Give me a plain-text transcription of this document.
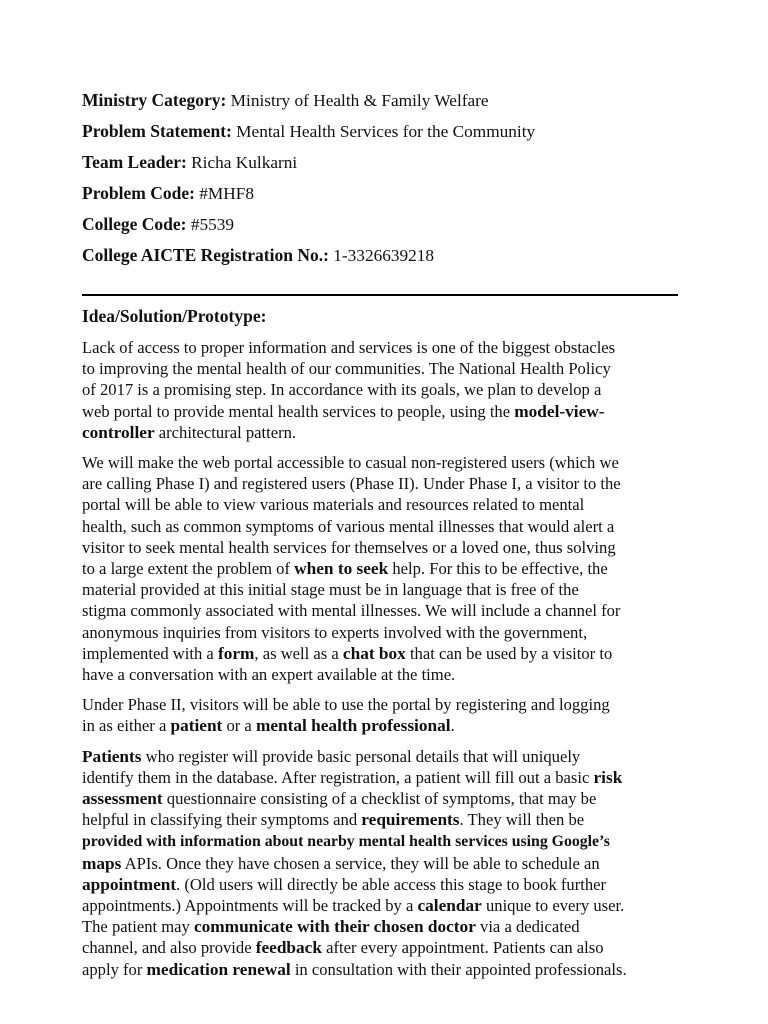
Ministry Category: Ministry of Health & Family Welfare
Problem Statement: Mental Health Services for the Community
Team Leader: Richa Kulkarni
Problem Code: #MHF8
College Code: #5539
College AICTE Registration No.: 1-3326639218
Idea/Solution/Prototype:
Lack of access to proper information and services is one of the biggest obstacles
to improving the mental health of our communities. The National Health Policy
of 2017 is a promising step. In accordance with its goals, we plan to develop a
web portal to provide mental health services to people, using the model-view-
controller architectural pattern.
We will make the web portal accessible to casual non-registered users (which we
are calling Phase I) and registered users (Phase II). Under Phase I, a visitor to the
portal will be able to view various materials and resources related to mental
health, such as common symptoms of various mental illnesses that would alert a
visitor to seek mental health services for themselves or a loved one, thus solving
to a large extent the problem of when to seek help. For this to be effective, the
material provided at this initial stage must be in language that is free of the
stigma commonly associated with mental illnesses. We will include a channel for
anonymous inquiries from visitors to experts involved with the government,
implemented with a form, as well as a chat box that can be used by a visitor to
have a conversation with an expert available at the time.
Under Phase II, visitors will be able to use the portal by registering and logging
in as either a patient or a mental health professional.
Patients who register will provide basic personal details that will uniquely
identify them in the database. After registration, a patient will fill out a basic risk
assessment questionnaire consisting of a checklist of symptoms, that may be
helpful in classifying their symptoms and requirements. They will then be
provided with information about nearby mental health services using Google’s
maps APIs. Once they have chosen a service, they will be able to schedule an
appointment. (Old users will directly be able access this stage to book further
appointments.) Appointments will be tracked by a calendar unique to every user.
The patient may communicate with their chosen doctor via a dedicated
channel, and also provide feedback after every appointment. Patients can also
apply for medication renewal in consultation with their appointed professionals.
